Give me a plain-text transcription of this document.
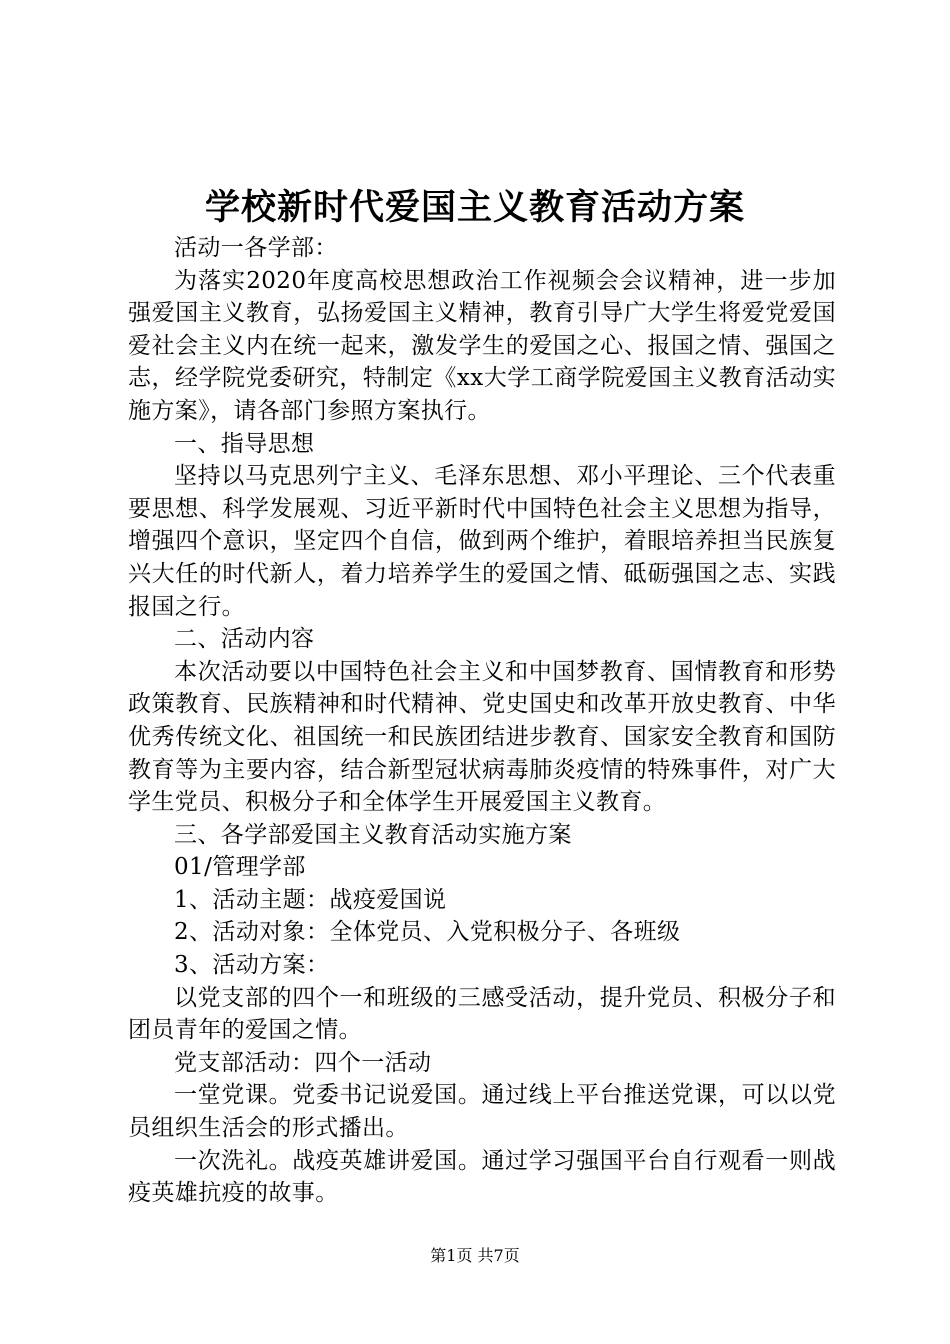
学校新时代爱国主义教育活动方案

活动一各学部：

为落实2020年度高校思想政治工作视频会会议精神，进一步加强爱国主义教育，弘扬爱国主义精神，教育引导广大学生将爱党爱国爱社会主义内在统一起来，激发学生的爱国之心、报国之情、强国之志，经学院党委研究，特制定《xx大学工商学院爱国主义教育活动实施方案》，请各部门参照方案执行。

一、指导思想

坚持以马克思列宁主义、毛泽东思想、邓小平理论、三个代表重要思想、科学发展观、习近平新时代中国特色社会主义思想为指导，增强四个意识，坚定四个自信，做到两个维护，着眼培养担当民族复兴大任的时代新人，着力培养学生的爱国之情、砥砺强国之志、实践报国之行。

二、活动内容

本次活动要以中国特色社会主义和中国梦教育、国情教育和形势政策教育、民族精神和时代精神、党史国史和改革开放史教育、中华优秀传统文化、祖国统一和民族团结进步教育、国家安全教育和国防教育等为主要内容，结合新型冠状病毒肺炎疫情的特殊事件，对广大学生党员、积极分子和全体学生开展爱国主义教育。

三、各学部爱国主义教育活动实施方案

01/管理学部

1、活动主题：战疫爱国说

2、活动对象：全体党员、入党积极分子、各班级

3、活动方案：

以党支部的四个一和班级的三感受活动，提升党员、积极分子和团员青年的爱国之情。

党支部活动：四个一活动

一堂党课。党委书记说爱国。通过线上平台推送党课，可以以党员组织生活会的形式播出。

一次洗礼。战疫英雄讲爱国。通过学习强国平台自行观看一则战疫英雄抗疫的故事。

第1页 共7页
